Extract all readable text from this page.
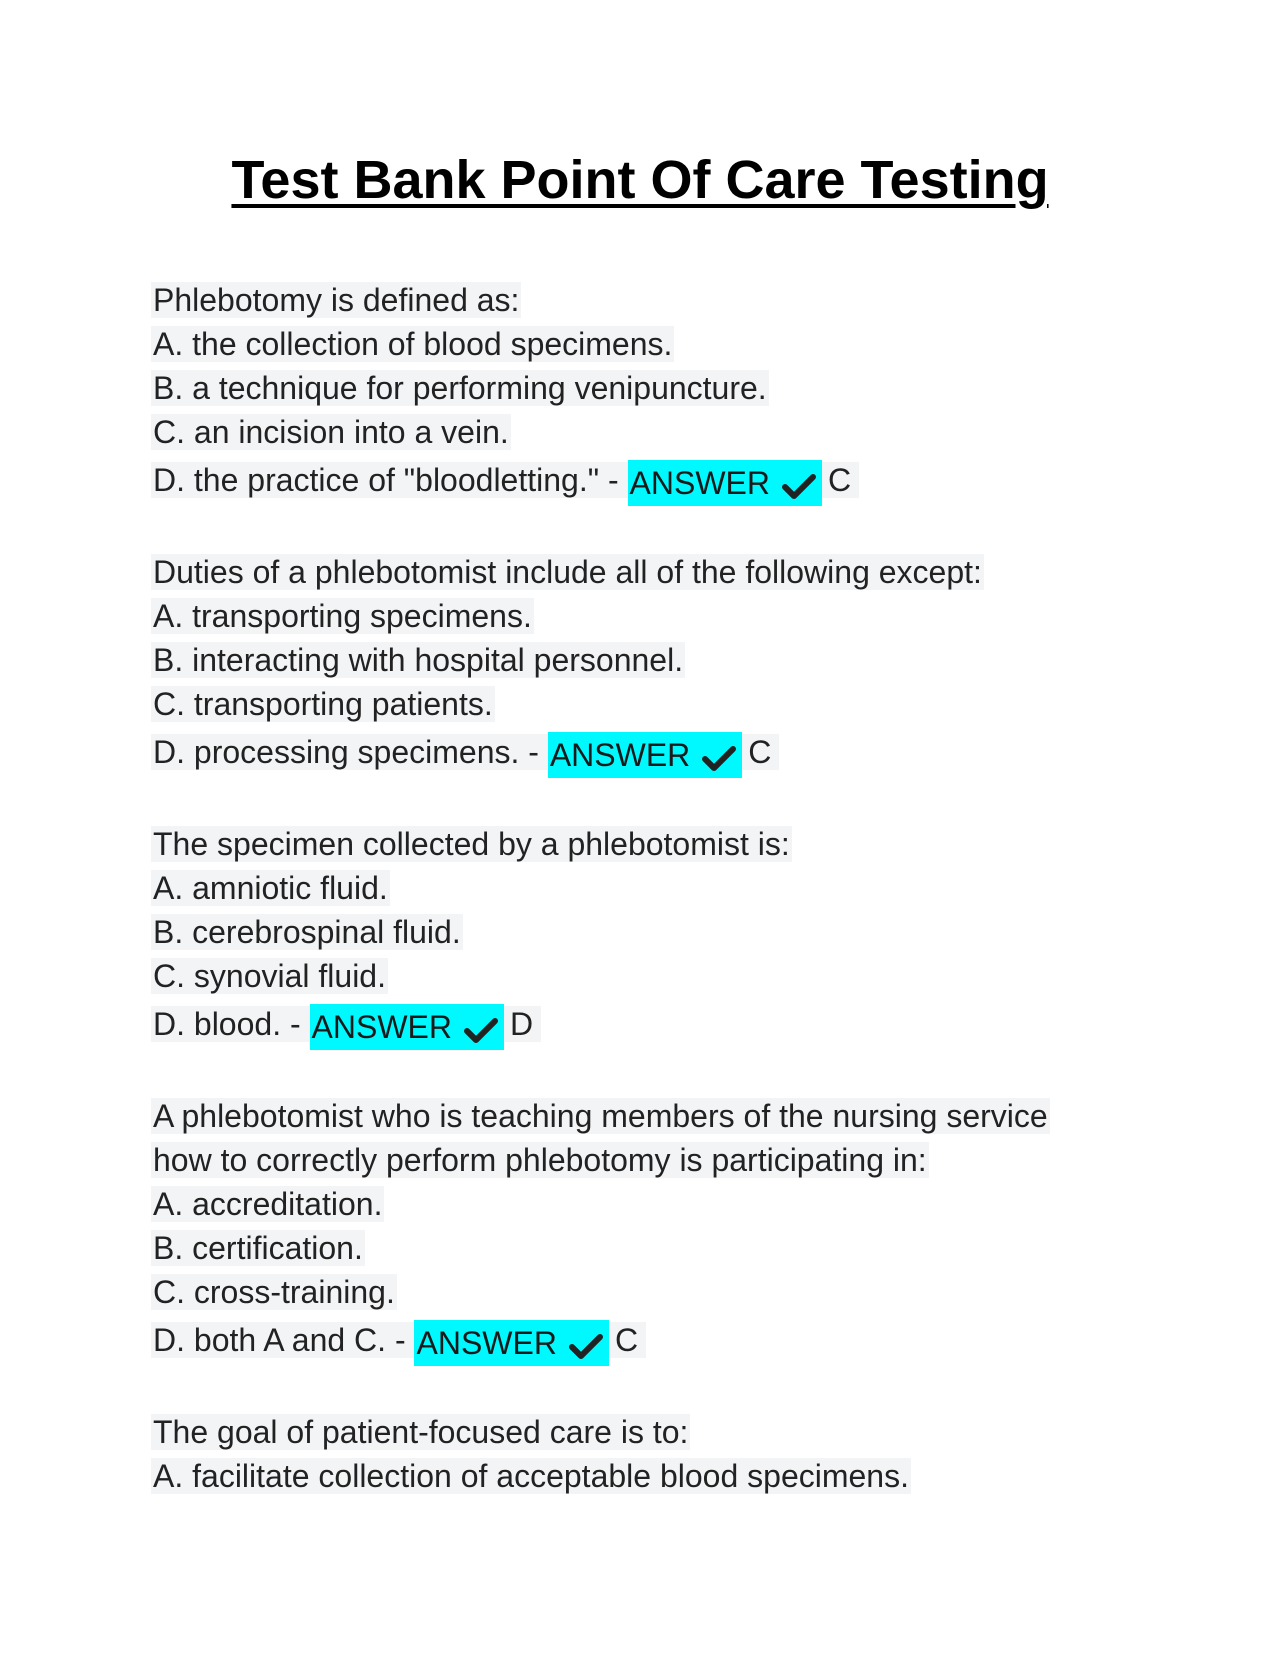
Test Bank Point Of Care Testing
Phlebotomy is defined as:
A. the collection of blood specimens.
B. a technique for performing venipuncture.
C. an incision into a vein.
D. the practice of "bloodletting." - ANSWER C
Duties of a phlebotomist include all of the following except:
A. transporting specimens.
B. interacting with hospital personnel.
C. transporting patients.
D. processing specimens. - ANSWER C
The specimen collected by a phlebotomist is:
A. amniotic fluid.
B. cerebrospinal fluid.
C. synovial fluid.
D. blood. - ANSWER D
A phlebotomist who is teaching members of the nursing service
how to correctly perform phlebotomy is participating in:
A. accreditation.
B. certification.
C. cross-training.
D. both A and C. - ANSWER C
The goal of patient-focused care is to:
A. facilitate collection of acceptable blood specimens.
